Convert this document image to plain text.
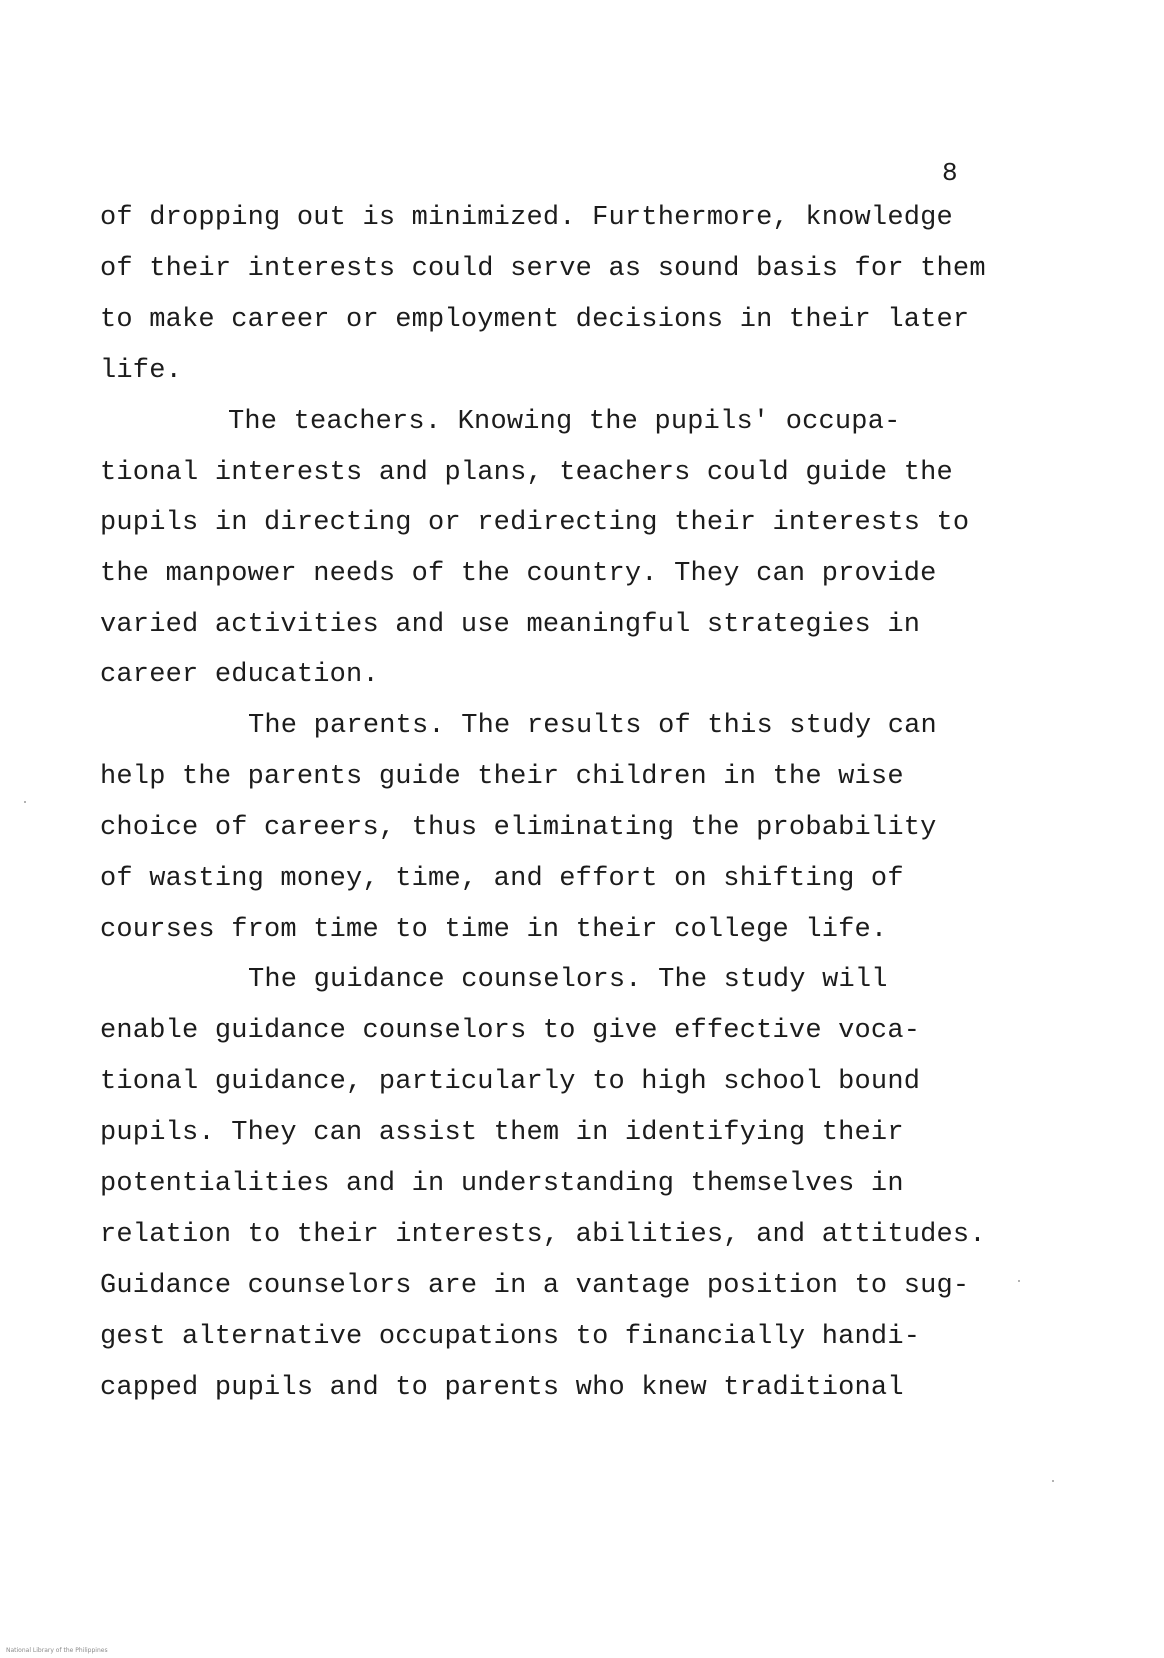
8
of dropping out is minimized. Furthermore, knowledge
of their interests could serve as sound basis for them
to make career or employment decisions in their later
life.
The teachers. Knowing the pupils' occupa-
tional interests and plans, teachers could guide the
pupils in directing or redirecting their interests to
the manpower needs of the country. They can provide
varied activities and use meaningful strategies in
career education.
The parents. The results of this study can
help the parents guide their children in the wise
choice of careers, thus eliminating the probability
of wasting money, time, and effort on shifting of
courses from time to time in their college life.
The guidance counselors. The study will
enable guidance counselors to give effective voca-
tional guidance, particularly to high school bound
pupils. They can assist them in identifying their
potentialities and in understanding themselves in
relation to their interests, abilities, and attitudes.
Guidance counselors are in a vantage position to sug-
gest alternative occupations to financially handi-
capped pupils and to parents who knew traditional
National Library of the Philippines
